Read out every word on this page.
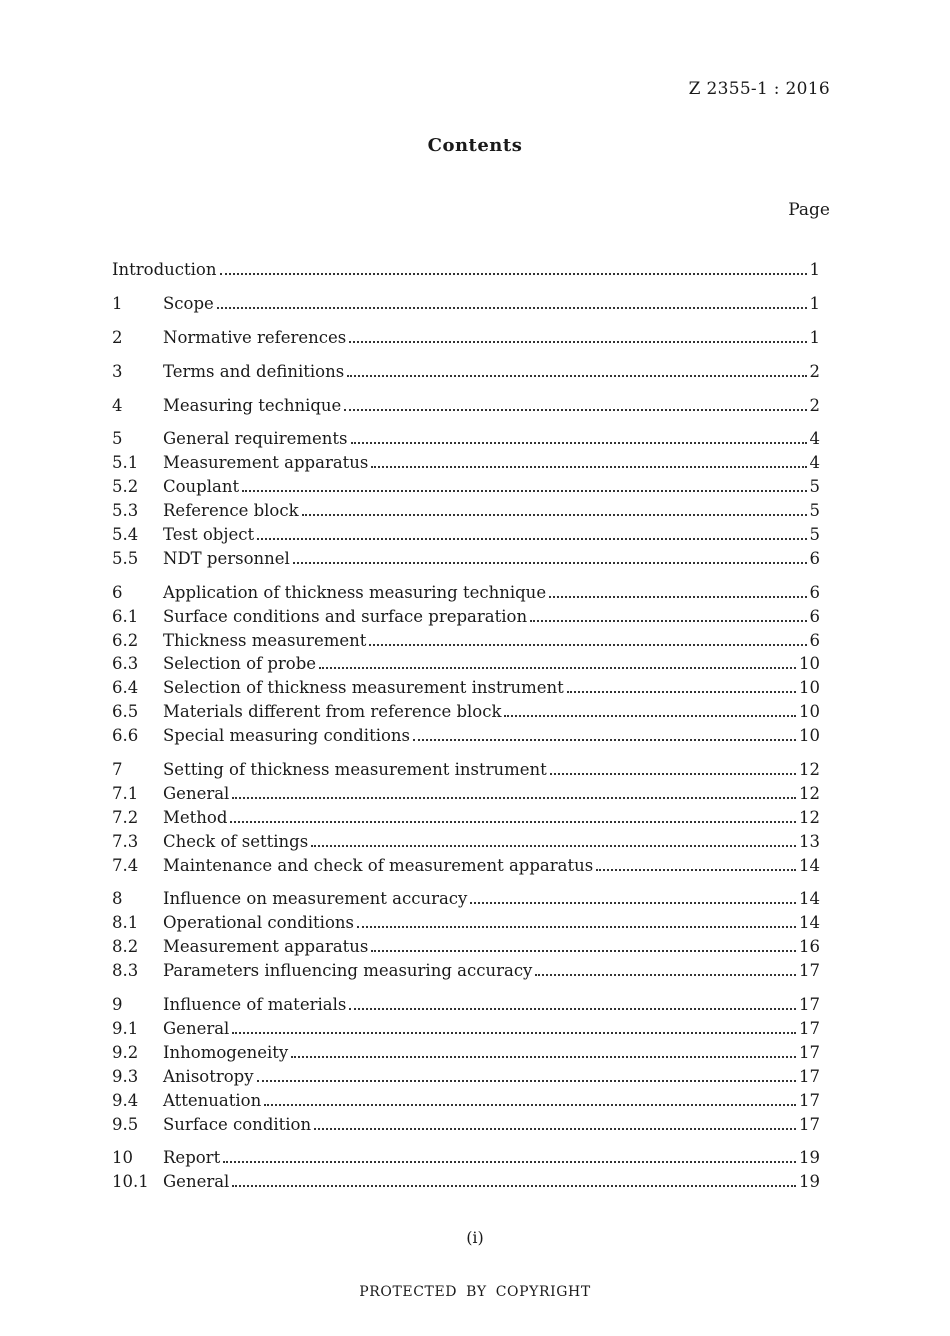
Z 2355-1 : 2016
Contents
Page
Introduction	1
1	Scope	1
2	Normative references	1
3	Terms and definitions	2
4	Measuring technique	2
5	General requirements	4
5.1	Measurement apparatus	4
5.2	Couplant	5
5.3	Reference block	5
5.4	Test object	5
5.5	NDT personnel	6
6	Application of thickness measuring technique	6
6.1	Surface conditions and surface preparation	6
6.2	Thickness measurement	6
6.3	Selection of probe	10
6.4	Selection of thickness measurement instrument	10
6.5	Materials different from reference block	10
6.6	Special measuring conditions	10
7	Setting of thickness measurement instrument	12
7.1	General	12
7.2	Method	12
7.3	Check of settings	13
7.4	Maintenance and check of measurement apparatus	14
8	Influence on measurement accuracy	14
8.1	Operational conditions	14
8.2	Measurement apparatus	16
8.3	Parameters influencing measuring accuracy	17
9	Influence of materials	17
9.1	General	17
9.2	Inhomogeneity	17
9.3	Anisotropy	17
9.4	Attenuation	17
9.5	Surface condition	17
10	Report	19
10.1 General	19
(i)
PROTECTED BY COPYRIGHT
